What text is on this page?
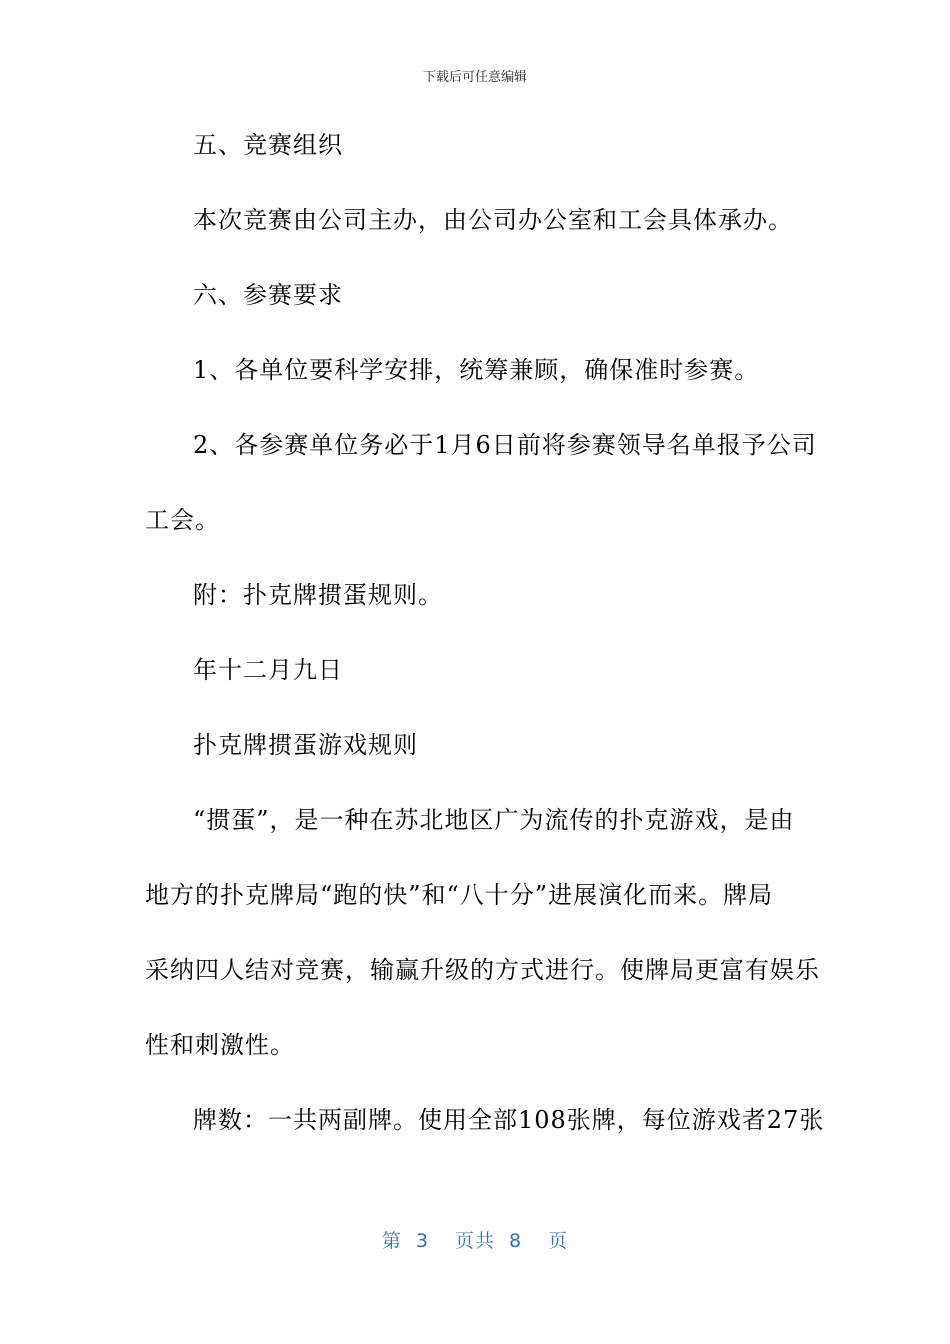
下载后可任意编辑
五、竞赛组织
本次竞赛由公司主办，由公司办公室和工会具体承办。
六、参赛要求
1、各单位要科学安排，统筹兼顾，确保准时参赛。
2、各参赛单位务必于1月6日前将参赛领导名单报予公司
工会。
附：扑克牌掼蛋规则。
年十二月九日
扑克牌掼蛋游戏规则
“掼蛋”，是一种在苏北地区广为流传的扑克游戏，是由
地方的扑克牌局“跑的快”和“八十分”进展演化而来。牌局
采纳四人结对竞赛，输赢升级的方式进行。使牌局更富有娱乐
性和刺激性。
牌数：一共两副牌。使用全部108张牌，每位游戏者27张
第 3 页共 8 页
